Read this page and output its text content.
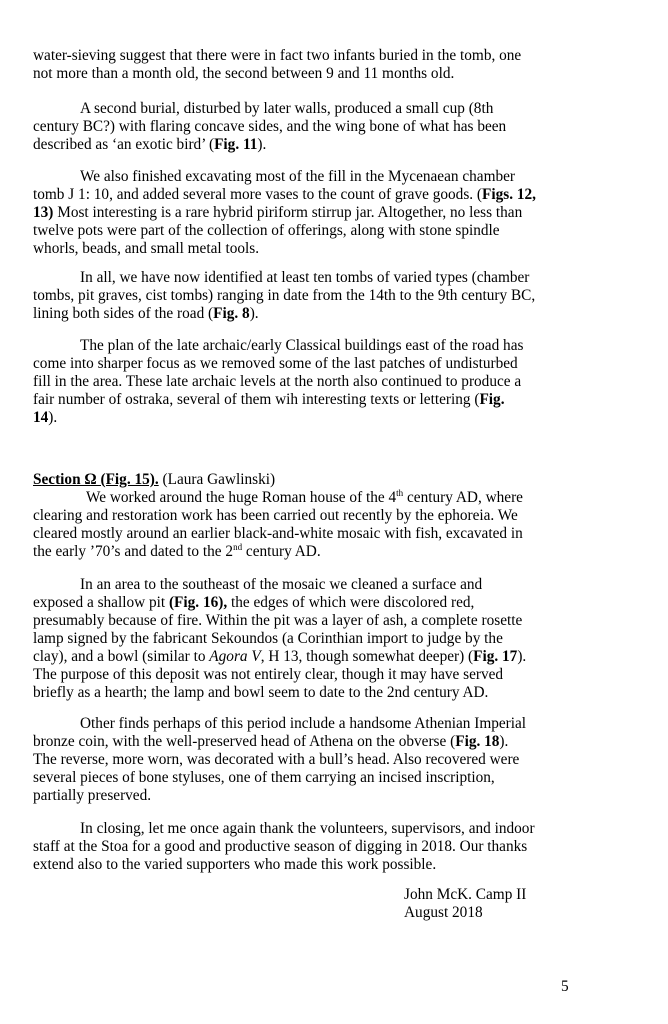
water-sieving suggest that there were in fact two infants buried in the tomb, one
not more than a month old, the second between 9 and 11 months old.

A second burial, disturbed by later walls, produced a small cup (8th
century BC?) with flaring concave sides, and the wing bone of what has been
described as ‘an exotic bird’ (Fig. 11).

We also finished excavating most of the fill in the Mycenaean chamber
tomb J 1: 10, and added several more vases to the count of grave goods. (Figs. 12,
13) Most interesting is a rare hybrid piriform stirrup jar. Altogether, no less than
twelve pots were part of the collection of offerings, along with stone spindle
whorls, beads, and small metal tools.

In all, we have now identified at least ten tombs of varied types (chamber
tombs, pit graves, cist tombs) ranging in date from the 14th to the 9th century BC,
lining both sides of the road (Fig. 8).

The plan of the late archaic/early Classical buildings east of the road has
come into sharper focus as we removed some of the last patches of undisturbed
fill in the area. These late archaic levels at the north also continued to produce a
fair number of ostraka, several of them wih interesting texts or lettering (Fig.
14).

Section Ω (Fig. 15). (Laura Gawlinski)
We worked around the huge Roman house of the 4th century AD, where
clearing and restoration work has been carried out recently by the ephoreia. We
cleared mostly around an earlier black-and-white mosaic with fish, excavated in
the early ’70’s and dated to the 2nd century AD.

In an area to the southeast of the mosaic we cleaned a surface and
exposed a shallow pit (Fig. 16), the edges of which were discolored red,
presumably because of fire. Within the pit was a layer of ash, a complete rosette
lamp signed by the fabricant Sekoundos (a Corinthian import to judge by the
clay), and a bowl (similar to Agora V, H 13, though somewhat deeper) (Fig. 17).
The purpose of this deposit was not entirely clear, though it may have served
briefly as a hearth; the lamp and bowl seem to date to the 2nd century AD.

Other finds perhaps of this period include a handsome Athenian Imperial
bronze coin, with the well-preserved head of Athena on the obverse (Fig. 18).
The reverse, more worn, was decorated with a bull’s head. Also recovered were
several pieces of bone styluses, one of them carrying an incised inscription,
partially preserved.

In closing, let me once again thank the volunteers, supervisors, and indoor
staff at the Stoa for a good and productive season of digging in 2018. Our thanks
extend also to the varied supporters who made this work possible.

John McK. Camp II

August 2018

5
